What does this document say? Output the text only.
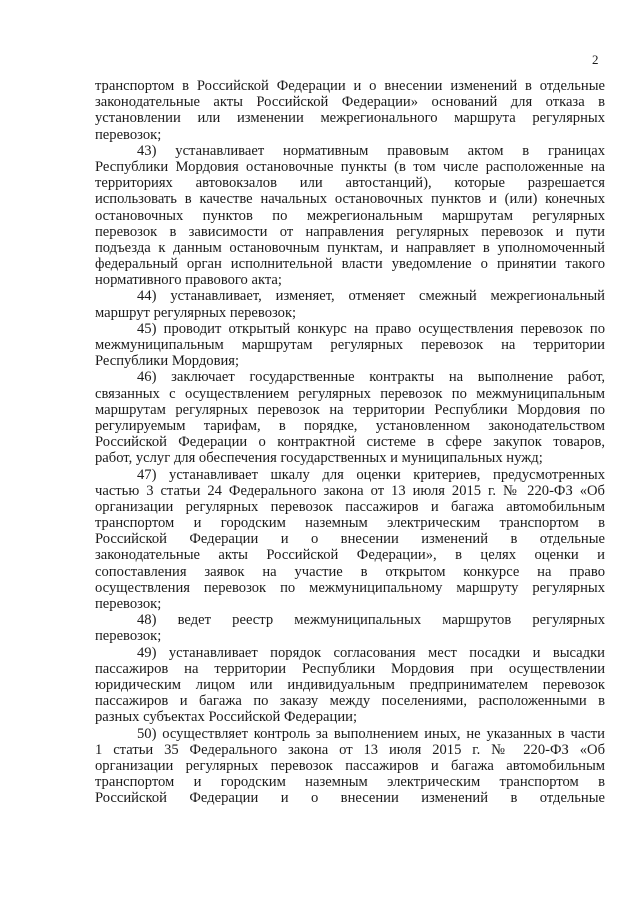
2
транспортом в Российской Федерации и о внесении изменений в отдельные
законодательные акты Российской Федерации» оснований для отказа в
установлении или изменении межрегионального маршрута регулярных
перевозок;
43) устанавливает нормативным правовым актом в границах
Республики Мордовия остановочные пункты (в том числе расположенные на
территориях автовокзалов или автостанций), которые разрешается
использовать в качестве начальных остановочных пунктов и (или) конечных
остановочных пунктов по межрегиональным маршрутам регулярных
перевозок в зависимости от направления регулярных перевозок и пути
подъезда к данным остановочным пунктам, и направляет в уполномоченный
федеральный орган исполнительной власти уведомление о принятии такого
нормативного правового акта;
44) устанавливает, изменяет, отменяет смежный межрегиональный
маршрут регулярных перевозок;
45) проводит открытый конкурс на право осуществления перевозок по
межмуниципальным маршрутам регулярных перевозок на территории
Республики Мордовия;
46) заключает государственные контракты на выполнение работ,
связанных с осуществлением регулярных перевозок по межмуниципальным
маршрутам регулярных перевозок на территории Республики Мордовия по
регулируемым тарифам, в порядке, установленном законодательством
Российской Федерации о контрактной системе в сфере закупок товаров,
работ, услуг для обеспечения государственных и муниципальных нужд;
47) устанавливает шкалу для оценки критериев, предусмотренных
частью 3 статьи 24 Федерального закона от 13 июля 2015 г. № 220-ФЗ «Об
организации регулярных перевозок пассажиров и багажа автомобильным
транспортом и городским наземным электрическим транспортом в
Российской Федерации и о внесении изменений в отдельные
законодательные акты Российской Федерации», в целях оценки и
сопоставления заявок на участие в открытом конкурсе на право
осуществления перевозок по межмуниципальному маршруту регулярных
перевозок;
48) ведет реестр межмуниципальных маршрутов регулярных
перевозок;
49) устанавливает порядок согласования мест посадки и высадки
пассажиров на территории Республики Мордовия при осуществлении
юридическим лицом или индивидуальным предпринимателем перевозок
пассажиров и багажа по заказу между поселениями, расположенными в
разных субъектах Российской Федерации;
50) осуществляет контроль за выполнением иных, не указанных в части
1 статьи 35 Федерального закона от 13 июля 2015 г. № 220-ФЗ «Об
организации регулярных перевозок пассажиров и багажа автомобильным
транспортом и городским наземным электрическим транспортом в
Российской Федерации и о внесении изменений в отдельные
